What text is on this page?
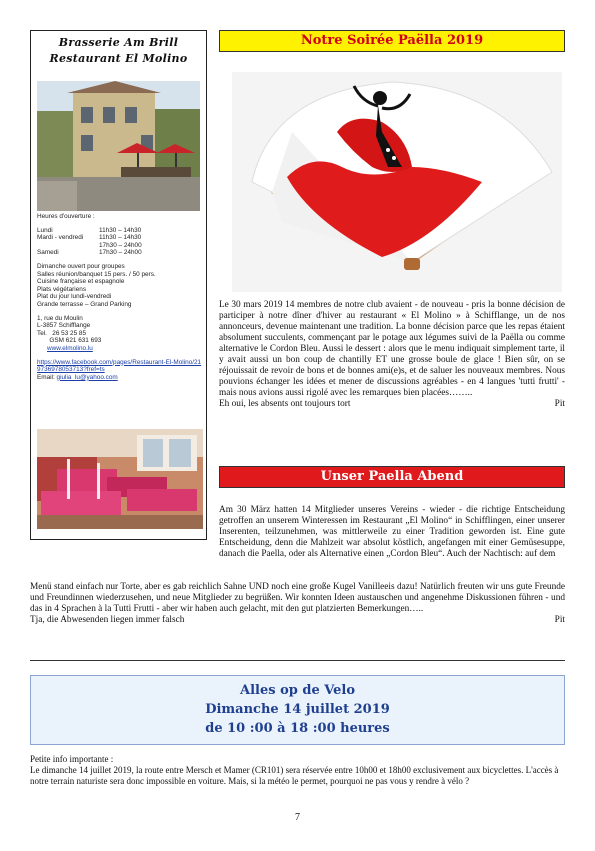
Brasserie Am Brill
Restaurant El Molino
Heures d'ouverture :
Lundi	11h30 – 14h30
Mardi - vendredi	11h30 – 14h30
17h30 – 24h00
Samedi	17h30 – 24h00
Dimanche ouvert pour groupes
Salles réunion/banquet 15 pers. / 50 pers.
Cuisine française et espagnole
Plats végétariens
Plat du jour lundi-vendredi
Grande terrasse – Grand Parking
1, rue du Moulin
L-3857 Schifflange
Tel.   26 53 25 85
GSM 621 631 693
www.elmolino.lu
https://www.facebook.com/pages/Restaurant-El-Molino/219736978053713?fref=ts
Email: giulia_lu@yahoo.com
Notre Soirée Paëlla 2019
Le 30 mars 2019 14 membres de notre club avaient - de nouveau - pris la bonne décision de participer à notre dîner d'hiver au restaurant « El Molino » à Schifflange, un de nos annonceurs, devenue maintenant une tradition. La bonne décision parce que les repas étaient absolument succulents, commençant par le potage aux légumes suivi de la Paëlla ou comme alternative le Cordon Bleu. Aussi le dessert : alors que le menu indiquait simplement tarte, il y avait aussi un bon coup de chantilly ET une grosse boule de glace ! Bien sûr, on se réjouissait de revoir de bons et de bonnes ami(e)s, et de saluer les nouveaux membres. Nous pouvions échanger les idées et mener de discussions agréables - en 4 langues 'tutti frutti' - mais nous avions aussi rigolé avec les remarques bien placées……..
Eh oui, les absents ont toujours tort	Pit
Unser Paella Abend
Am 30 März hatten 14 Mitglieder unseres Vereins - wieder - die richtige Entscheidung getroffen an unserem Winteressen im Restaurant „El Molino“ in Schifflingen, einer unserer Inserenten, teilzunehmen, was mittlerweile zu einer Tradition geworden ist. Eine gute Entscheidung, denn die Mahlzeit war absolut köstlich, angefangen mit einer Gemüsesuppe, danach die Paella, oder als Alternative einen „Cordon Bleu“. Auch der Nachtisch: auf dem
Menü stand einfach nur Torte, aber es gab reichlich Sahne UND noch eine große Kugel Vanilleeis dazu! Natürlich freuten wir uns gute Freunde und Freundinnen wiederzusehen, und neue Mitglieder zu begrüßen. Wir konnten Ideen austauschen und angenehme Diskussionen führen - und das in 4 Sprachen à la Tutti Frutti - aber wir haben auch gelacht, mit den gut platzierten Bemerkungen…..
Tja, die Abwesenden liegen immer falsch	Pit
Alles op de Velo
Dimanche 14 juillet 2019
de 10 :00 à 18 :00 heures
Petite info importante :
Le dimanche 14 juillet 2019, la route entre Mersch et Mamer (CR101) sera réservée entre 10h00 et 18h00 exclusivement aux bicyclettes. L'accès à notre terrain naturiste sera donc impossible en voiture. Mais, si la météo le permet, pourquoi ne pas vous y rendre à vélo ?
7
